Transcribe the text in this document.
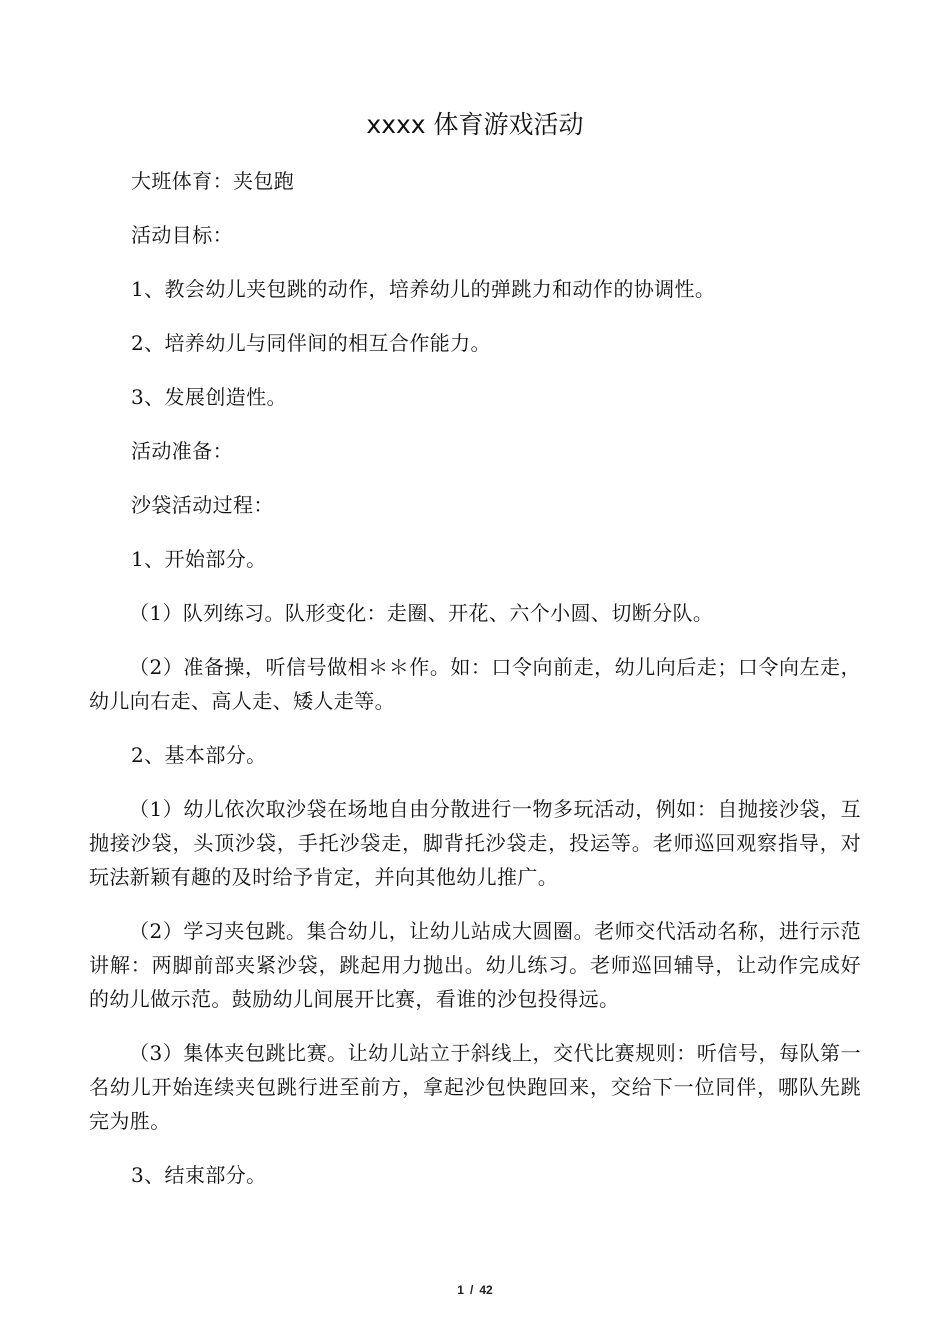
xxxx 体育游戏活动

大班体育：夹包跑

活动目标：

1、教会幼儿夹包跳的动作，培养幼儿的弹跳力和动作的协调性。

2、培养幼儿与同伴间的相互合作能力。

3、发展创造性。

活动准备：

沙袋活动过程：

1、开始部分。

（1）队列练习。队形变化：走圈、开花、六个小圆、切断分队。

（2）准备操，听信号做相＊＊作。如：口令向前走，幼儿向后走；口令向左走，幼儿向右走、高人走、矮人走等。

2、基本部分。

（1）幼儿依次取沙袋在场地自由分散进行一物多玩活动，例如：自抛接沙袋，互抛接沙袋，头顶沙袋，手托沙袋走，脚背托沙袋走，投运等。老师巡回观察指导，对玩法新颖有趣的及时给予肯定，并向其他幼儿推广。

（2）学习夹包跳。集合幼儿，让幼儿站成大圆圈。老师交代活动名称，进行示范讲解：两脚前部夹紧沙袋，跳起用力抛出。幼儿练习。老师巡回辅导，让动作完成好的幼儿做示范。鼓励幼儿间展开比赛，看谁的沙包投得远。

（3）集体夹包跳比赛。让幼儿站立于斜线上，交代比赛规则：听信号，每队第一名幼儿开始连续夹包跳行进至前方，拿起沙包快跑回来，交给下一位同伴，哪队先跳完为胜。

3、结束部分。

1 / 42
